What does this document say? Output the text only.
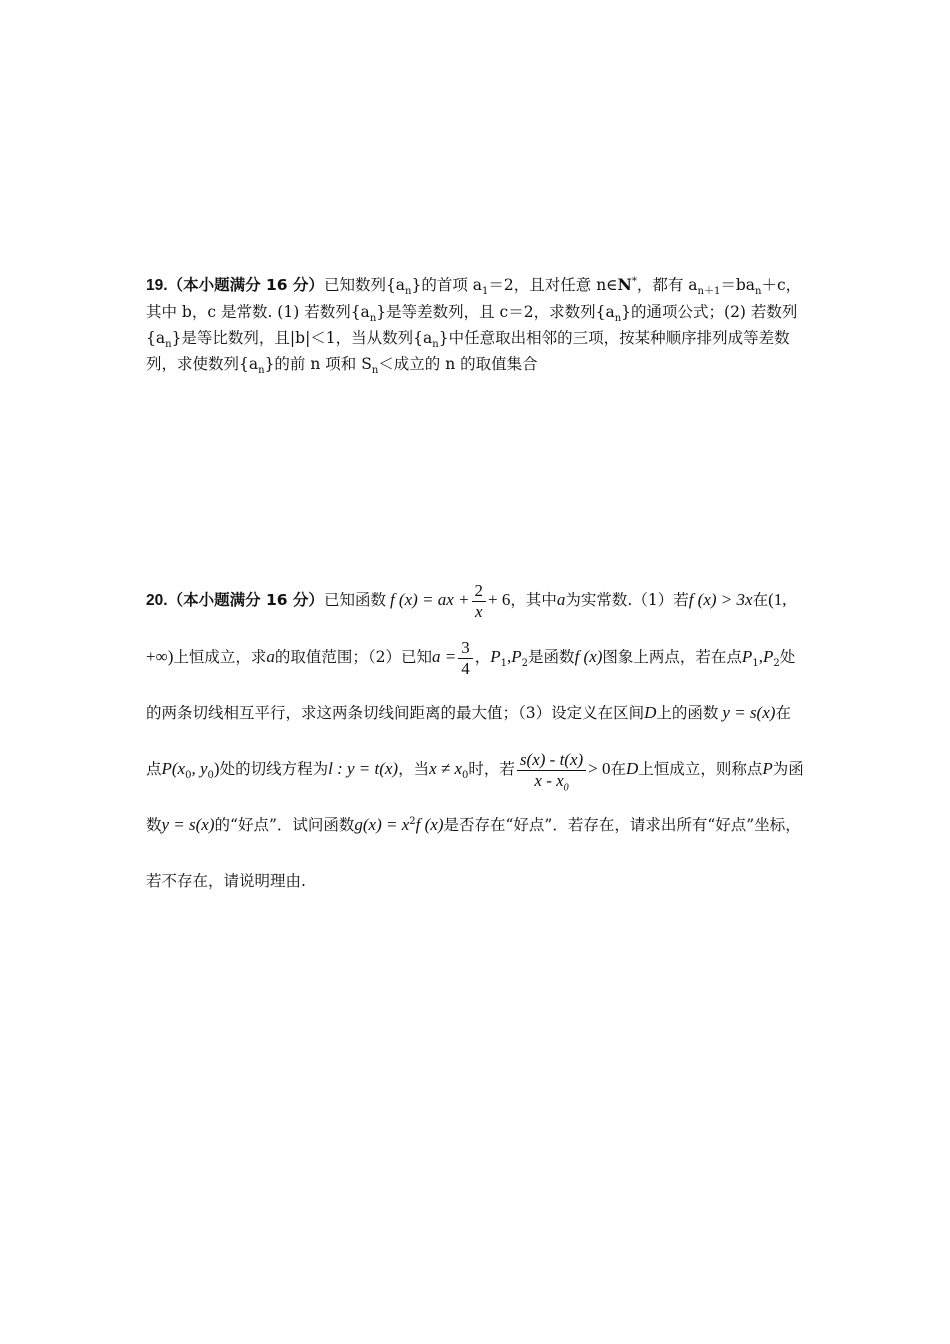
19.（本小题满分 16 分）已知数列$\{a_n\}$的首项 $a_1=2$，且对任意 n∈N*，都有 $a_{n+1}=ba_n+c$，其中 b，c 是常数. (1) 若数列$\{a_n\}$是等差数列，且 c＝2，求数列$\{a_n\}$的通项公式；(2) 若数列$\{a_n\}$是等比数列，且|b|＜1，当从数列$\{a_n\}$中任意取出相邻的三项，按某种顺序排列成等差数列，求使数列$\{a_n\}$的前 n 项和 $S_n<$成立的 n 的取值集合
20.（本小题满分 16 分）已知函数 f (x) = ax + $\frac{2}{x} + 6$，其中a为实常数.（1）若f (x) > 3x在(1, +∞)上恒成立，求a的取值范围；（2）已知$a = \frac{3}{4}$ ，$P_1,P_2$是函数f (x)图象上两点，若在点$P_1,P_2$处的两条切线相互平行，求这两条切线间距离的最大值；（3）设定义在区间D上的函数 y = s(x)在点$P(x_0$, $y_0$)处的切线方程为l : y = t(x)，当$x \ne x_0$时，若 $\frac{s(x) - t(x)}{x - x_0} > 0$在D上恒成立，则称点P为函数y = s(x)的“好点”．试问函数$g(x) = x^2f$ (x)是否存在“好点”．若存在，请求出所有“好点”坐标，若不存在，请说明理由.
